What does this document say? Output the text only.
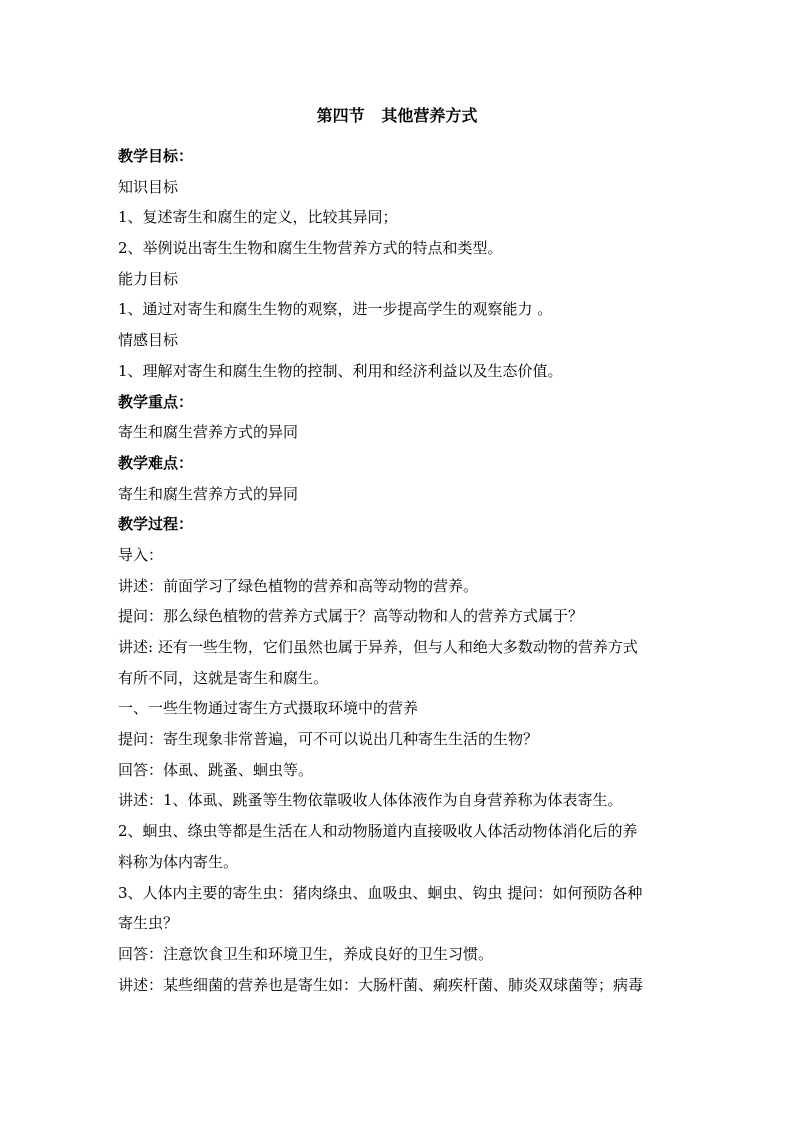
第四节   其他营养方式
教学目标：
知识目标
1、复述寄生和腐生的定义，比较其异同；
2、举例说出寄生生物和腐生生物营养方式的特点和类型。
能力目标
1、通过对寄生和腐生生物的观察，进一步提高学生的观察能力 。
情感目标
1、理解对寄生和腐生生物的控制、利用和经济利益以及生态价值。
教学重点：
寄生和腐生营养方式的异同
教学难点：
寄生和腐生营养方式的异同
教学过程：
导入：
讲述：前面学习了绿色植物的营养和高等动物的营养。
提问：那么绿色植物的营养方式属于？高等动物和人的营养方式属于？
讲述: 还有一些生物，它们虽然也属于异养，但与人和绝大多数动物的营养方式
有所不同，这就是寄生和腐生。
一、一些生物通过寄生方式摄取环境中的营养
提问：寄生现象非常普遍，可不可以说出几种寄生生活的生物？
回答：体虱、跳蚤、蛔虫等。
讲述：1、体虱、跳蚤等生物依靠吸收人体体液作为自身营养称为体表寄生。
2、蛔虫、绦虫等都是生活在人和动物肠道内直接吸收人体活动物体消化后的养
料称为体内寄生。
3、人体内主要的寄生虫：猪肉绦虫、血吸虫、蛔虫、钩虫 提问：如何预防各种
寄生虫？
回答：注意饮食卫生和环境卫生，养成良好的卫生习惯。
讲述：某些细菌的营养也是寄生如：大肠杆菌、痢疾杆菌、肺炎双球菌等；病毒
